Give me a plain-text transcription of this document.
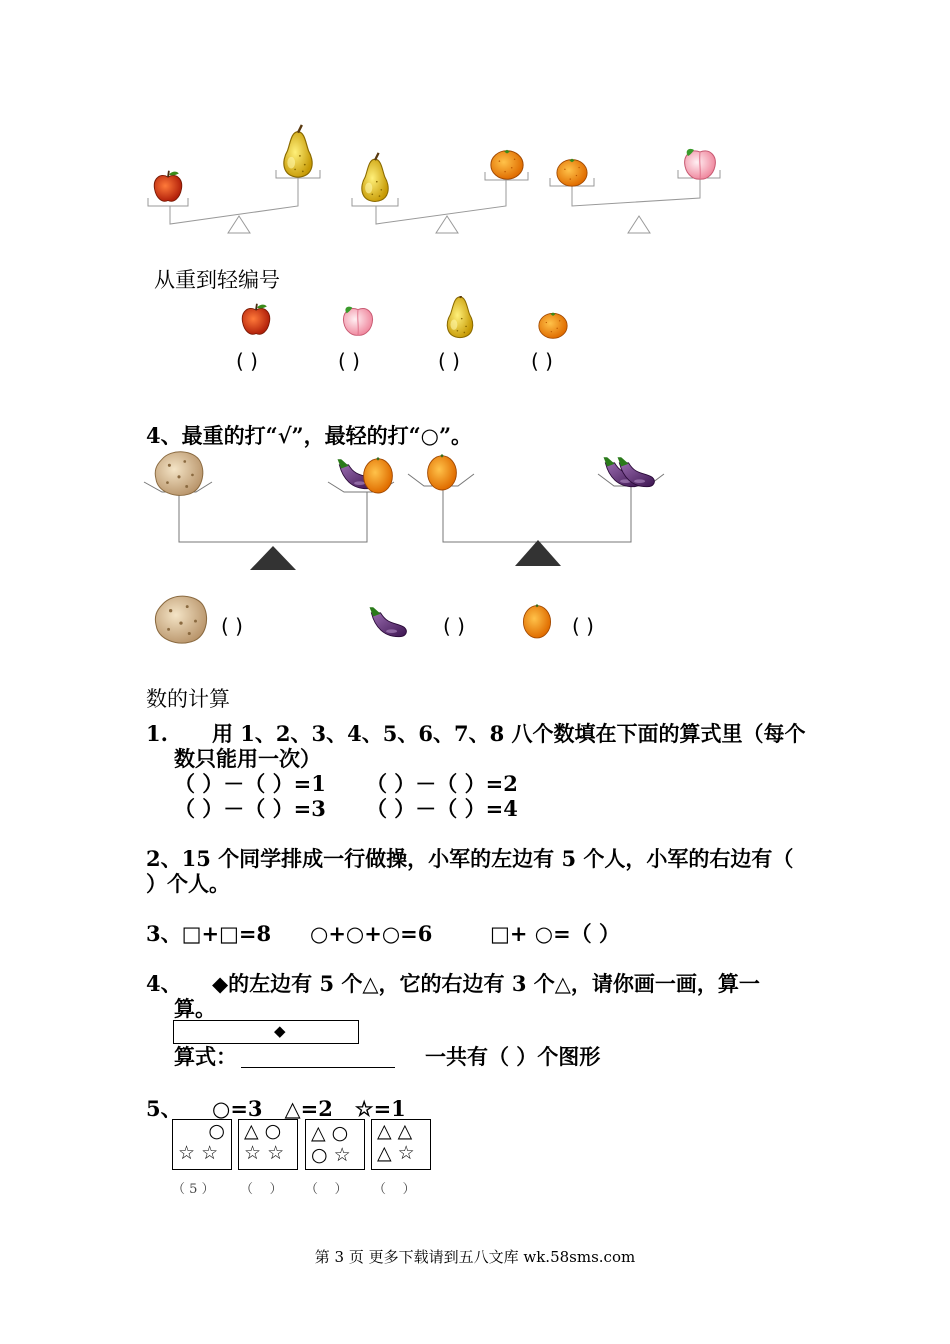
从重到轻编号
( )	( )	( )	( )
4、最重的打“√”，最轻的打“○”。
( )	( )	( )
数的计算
1. 用 1、2、3、4、5、6、7、8 八个数填在下面的算式里（每个
数只能用一次）
（ ）－（ ）=1 （ ）－（ ）=2
（ ）－（ ）=3 （ ）－（ ）=4
2、15 个同学排成一行做操，小军的左边有 5 个人，小军的右边有（
）个人。
3、□+□=8 ○+○+○=6	□+ ○=（ ）
4、 ◆的左边有 5 个△，它的右边有 3 个△，请你画一画，算一
算。
◆
算式：	一共有（ ）个图形
5、 ○=3   △=2   ☆=1
○
☆ ☆
△ ○
☆ ☆
△ ○
○ ☆
△ △
△ ☆
（ 5 ） （    ） （    ） （    ）
第 3 页 更多下载请到五八文库 wk.58sms.com
